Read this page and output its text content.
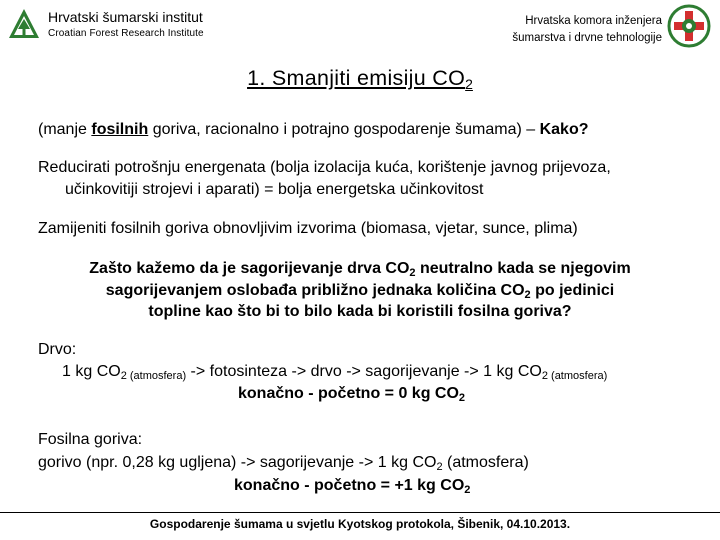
Hrvatski šumarski institut
Croatian Forest Research Institute
Hrvatska komora inženjera
šumarstva i drvne tehnologije
1. Smanjiti emisiju $CO_2$
(manje fosilnih goriva, racionalno i potrajno gospodarenje šumama) – Kako?
Reducirati potrošnju energenata (bolja izolacija kuća, korištenje javnog prijevoza,
učinkovitiji strojevi i aparati) = bolja energetska učinkovitost
Zamijeniti fosilnih goriva obnovljivim izvorima (biomasa, vjetar, sunce, plima)
Zašto kažemo da je sagorijevanje drva $CO_2$ neutralno kada se njegovim
sagorijevanjem oslobađa približno jednaka količina $CO_2$ po jedinici
topline kao što bi to bilo kada bi koristili fosilna goriva?
Drvo:
1 kg $CO_2$ $_{(atmosfera)}$ -> fotosinteza -> drvo -> sagorijevanje -> 1 kg $CO_2$ $_{(atmosfera)}$
konačno - početno = 0 kg $CO_2$
Fosilna goriva:
gorivo (npr. 0,28 kg ugljena) -> sagorijevanje -> 1 kg $CO_2$ (atmosfera)
konačno - početno = +1 kg $CO_2$
Gospodarenje šumama u svjetlu Kyotskog protokola, Šibenik, 04.10.2013.
